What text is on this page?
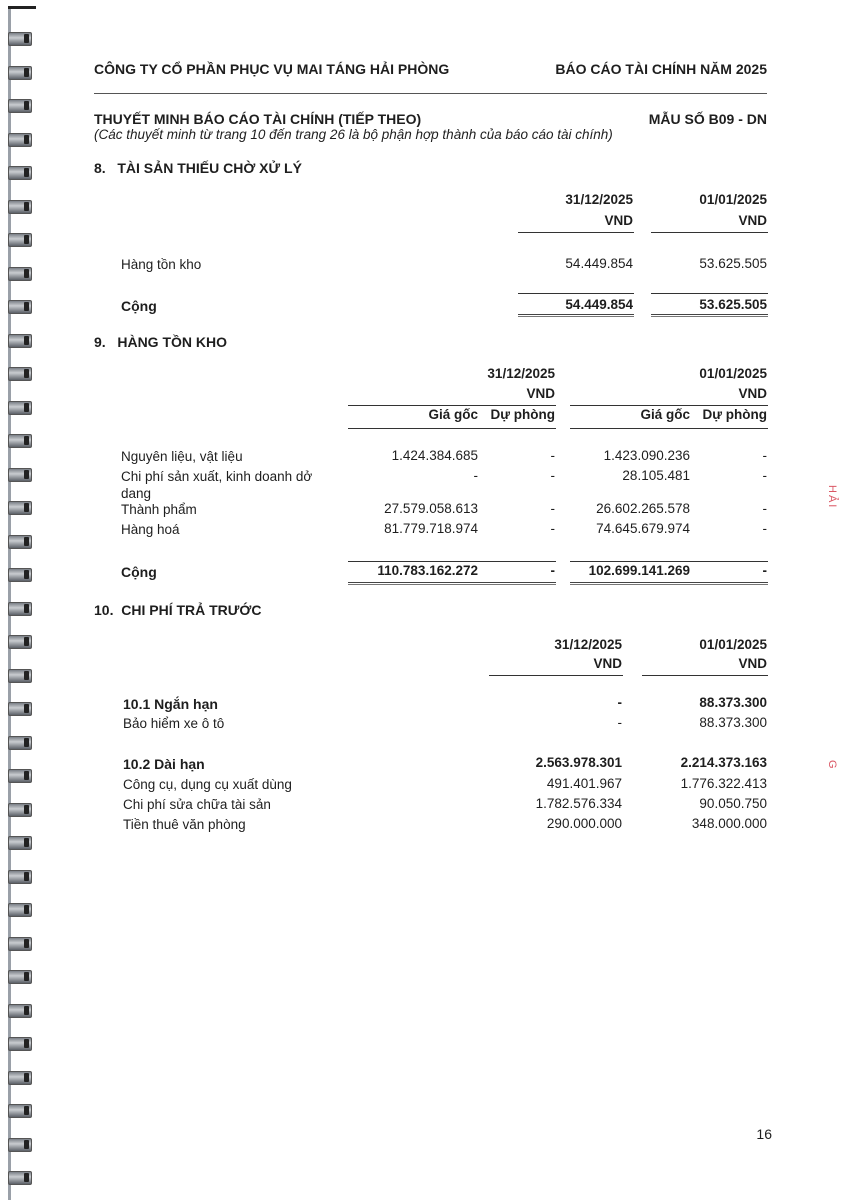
HẢI
G
CÔNG TY CỔ PHẦN PHỤC VỤ MAI TÁNG HẢI PHÒNG	BÁO CÁO TÀI CHÍNH NĂM 2025
THUYẾT MINH BÁO CÁO TÀI CHÍNH (TIẾP THEO)	MẪU SỐ B09 - DN
(Các thuyết minh từ trang 10 đến trang 26 là bộ phận hợp thành của báo cáo tài chính)
8.   TÀI SẢN THIẾU CHỜ XỬ LÝ
31/12/2025	01/01/2025
VND	VND
Hàng tồn kho	54.449.854	53.625.505
Cộng	54.449.854	53.625.505
9.   HÀNG TỒN KHO
31/12/2025	01/01/2025
VND	VND
Giá gốc Dự phòng	Giá gốc Dự phòng
Nguyên liệu, vật liệu	1.424.384.685	-	1.423.090.236	-
Chi phí sản xuất, kinh doanh dở
dang
-	-	28.105.481	-
Thành phẩm	27.579.058.613	-	26.602.265.578	-
Hàng hoá	81.779.718.974	-	74.645.679.974	-
Cộng	110.783.162.272	- 102.699.141.269	-
10.  CHI PHÍ TRẢ TRƯỚC
31/12/2025	01/01/2025
VND	VND
10.1 Ngắn hạn	-	88.373.300
Bảo hiểm xe ô tô	-	88.373.300
10.2 Dài hạn	2.563.978.301	2.214.373.163
Công cụ, dụng cụ xuất dùng	491.401.967	1.776.322.413
Chi phí sửa chữa tài sản	1.782.576.334	90.050.750
Tiền thuê văn phòng	290.000.000	348.000.000
16
